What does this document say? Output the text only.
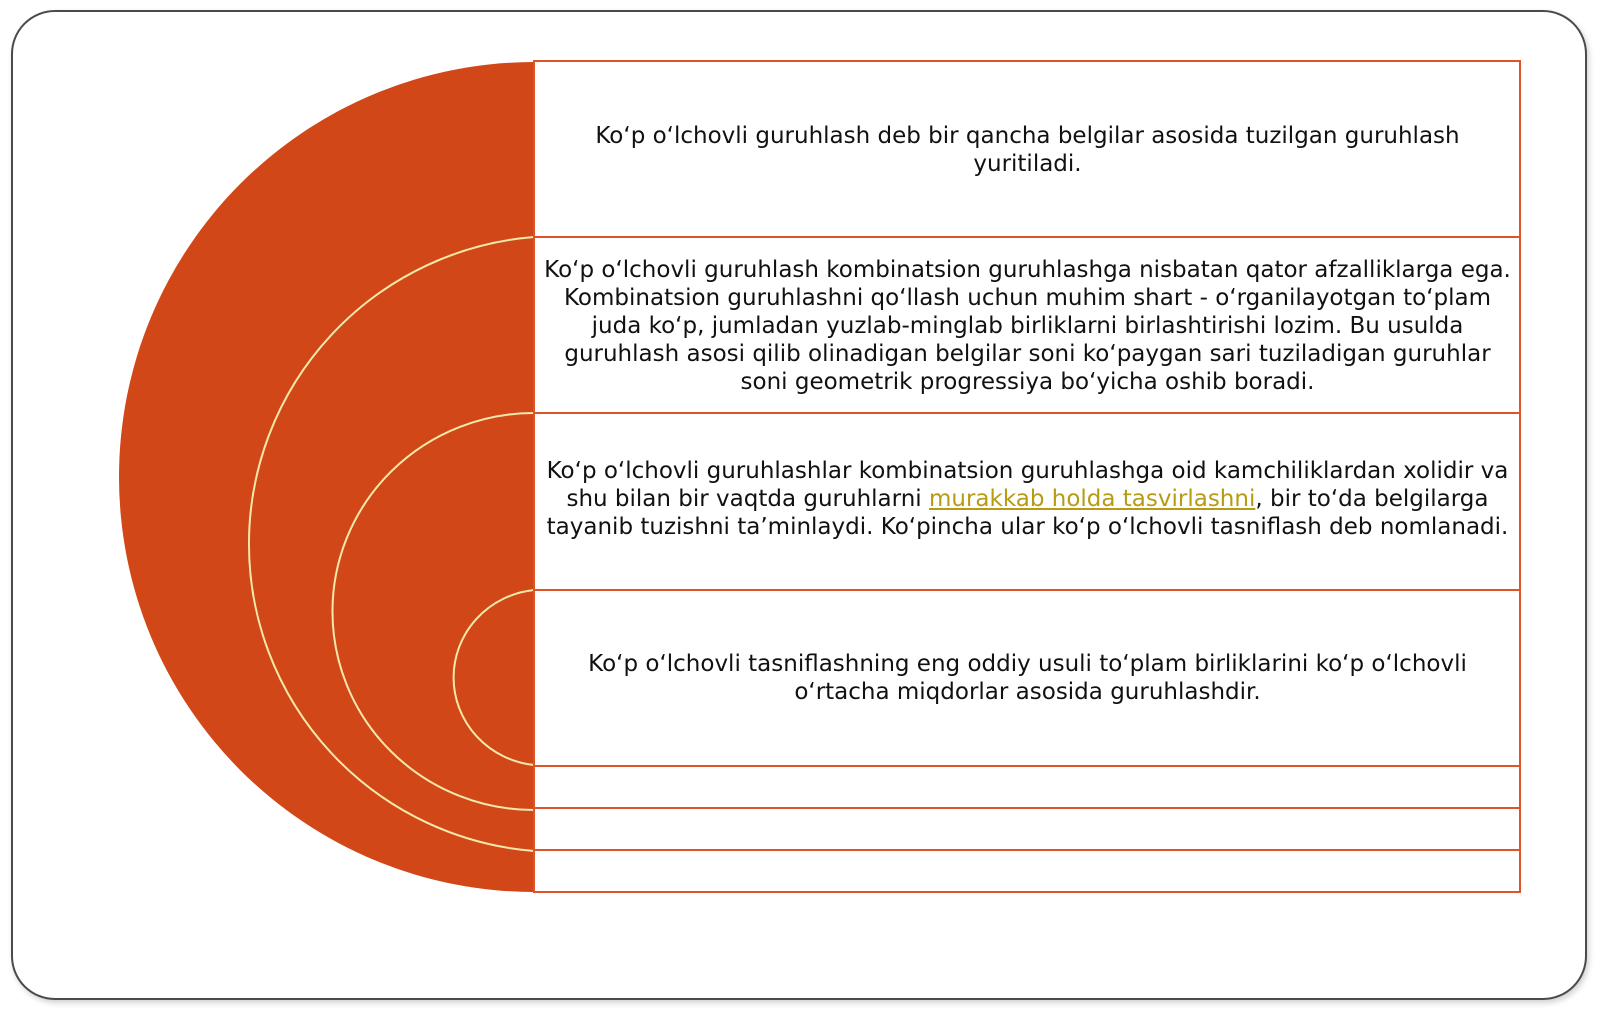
Ko‘p o‘lchovli guruhlash deb bir qancha belgilar asosida tuzilgan guruhlash yuritiladi.

Ko‘p o‘lchovli guruhlash kombinatsion guruhlashga nisbatan qator afzalliklarga ega. Kombinatsion guruhlashni qo‘llash uchun muhim shart - o‘rganilayotgan to‘plam juda ko‘p, jumladan yuzlab-minglab birliklarni birlashtirishi lozim. Bu usulda guruhlash asosi qilib olinadigan belgilar soni ko‘paygan sari tuziladigan guruhlar soni geometrik progressiya bo‘yicha oshib boradi.

Ko‘p o‘lchovli guruhlashlar kombinatsion guruhlashga oid kamchiliklardan xolidir va shu bilan bir vaqtda guruhlarni murakkab holda tasvirlashni, bir to‘da belgilarga tayanib tuzishni ta’minlaydi. Ko‘pincha ular ko‘p o‘lchovli tasniflash deb nomlanadi.

Ko‘p o‘lchovli tasniflashning eng oddiy usuli to‘plam birliklarini ko‘p o‘lchovli o‘rtacha miqdorlar asosida guruhlashdir.
